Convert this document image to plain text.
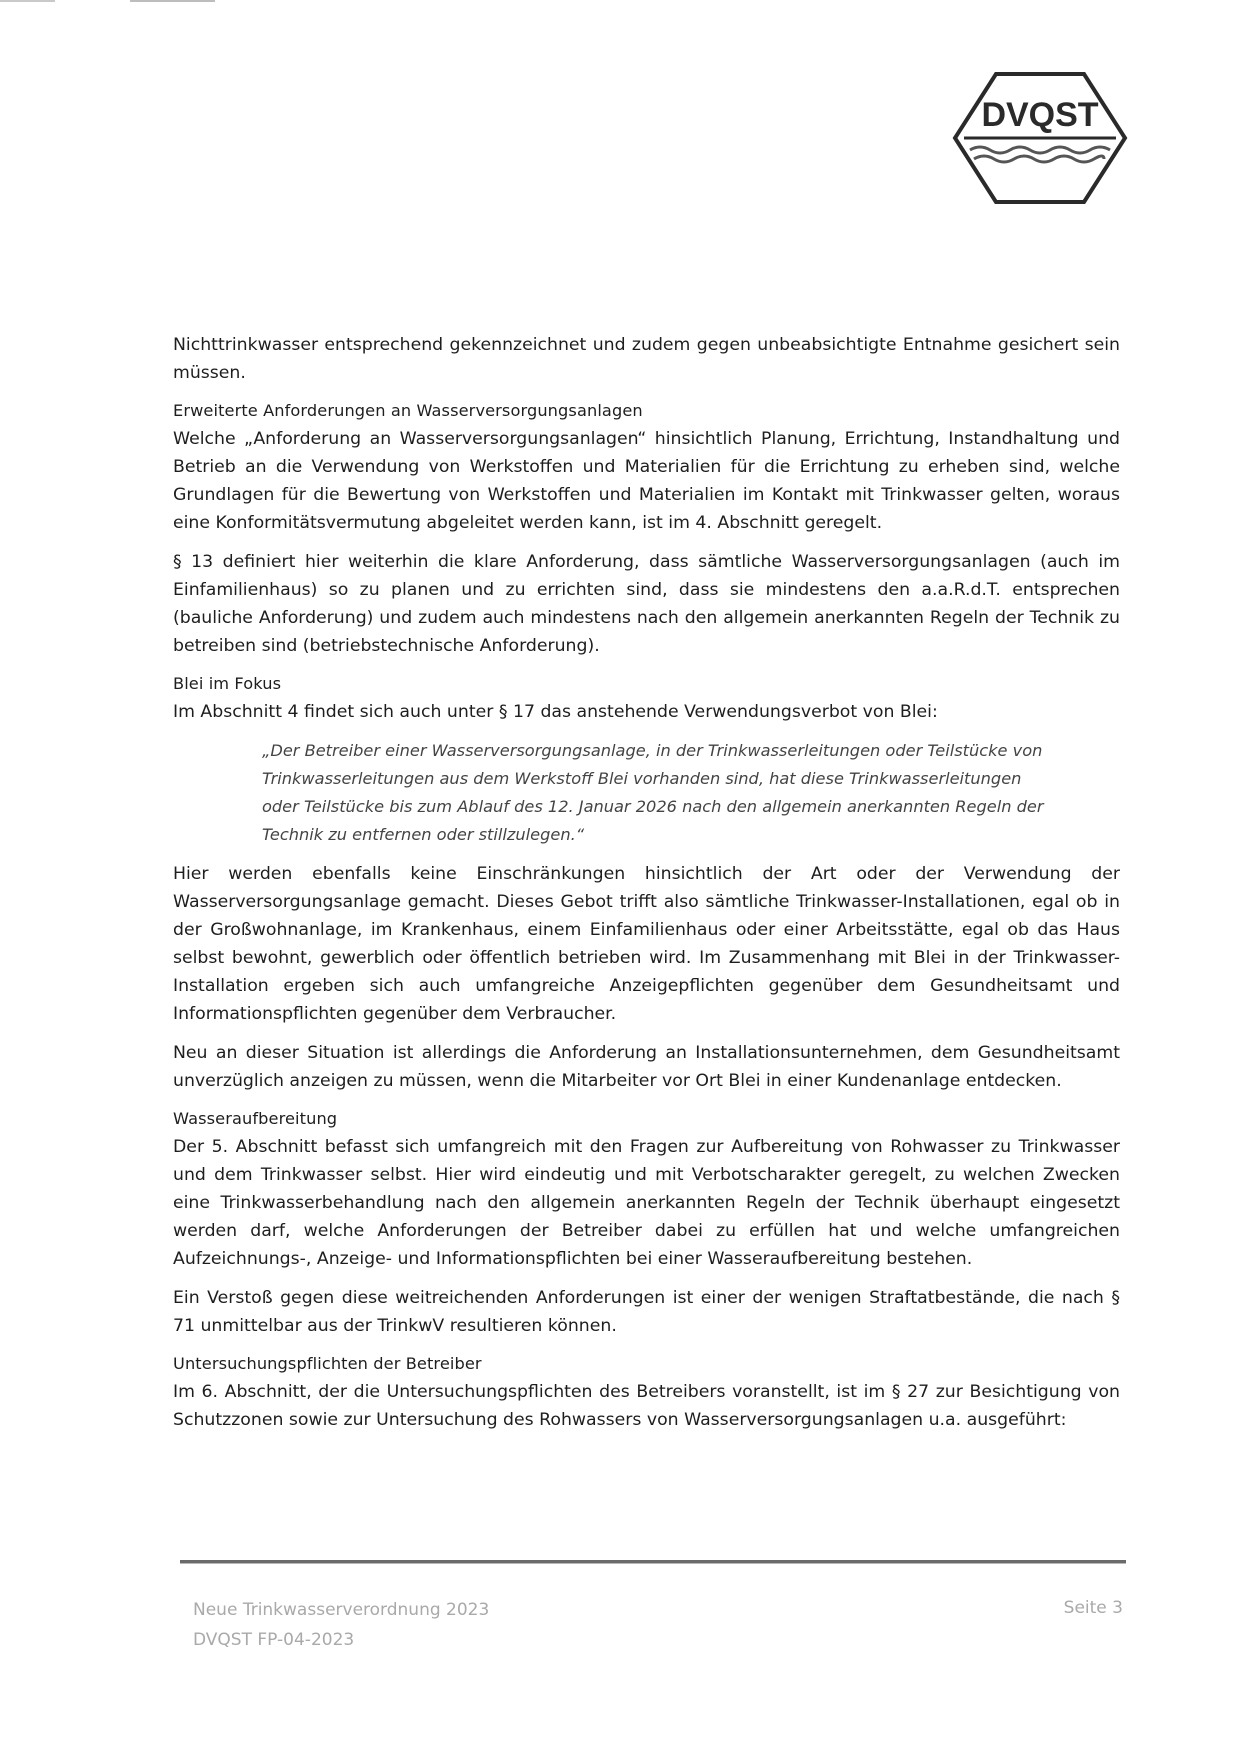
DVQST

Nichttrinkwasser entsprechend gekennzeichnet und zudem gegen unbeabsichtigte Entnahme gesichert sein müssen.

Erweiterte Anforderungen an Wasserversorgungsanlagen

Welche „Anforderung an Wasserversorgungsanlagen“ hinsichtlich Planung, Errichtung, Instandhaltung und Betrieb an die Verwendung von Werkstoffen und Materialien für die Errichtung zu erheben sind, welche Grundlagen für die Bewertung von Werkstoffen und Materialien im Kontakt mit Trinkwasser gelten, woraus eine Konformitätsvermutung abgeleitet werden kann, ist im 4. Abschnitt geregelt.

§ 13 definiert hier weiterhin die klare Anforderung, dass sämtliche Wasserversorgungsanlagen (auch im Einfamilienhaus) so zu planen und zu errichten sind, dass sie mindestens den a.a.R.d.T. entsprechen (bauliche Anforderung) und zudem auch mindestens nach den allgemein anerkannten Regeln der Technik zu betreiben sind (betriebstechnische Anforderung).

Blei im Fokus

Im Abschnitt 4 findet sich auch unter § 17 das anstehende Verwendungsverbot von Blei:

„Der Betreiber einer Wasserversorgungsanlage, in der Trinkwasserleitungen oder Teilstücke von Trinkwasserleitungen aus dem Werkstoff Blei vorhanden sind, hat diese Trinkwasserleitungen oder Teilstücke bis zum Ablauf des 12. Januar 2026 nach den allgemein anerkannten Regeln der Technik zu entfernen oder stillzulegen.“

Hier werden ebenfalls keine Einschränkungen hinsichtlich der Art oder der Verwendung der Wasserversorgungsanlage gemacht. Dieses Gebot trifft also sämtliche Trinkwasser-Installationen, egal ob in der Großwohnanlage, im Krankenhaus, einem Einfamilienhaus oder einer Arbeitsstätte, egal ob das Haus selbst bewohnt, gewerblich oder öffentlich betrieben wird. Im Zusammenhang mit Blei in der Trinkwasser-Installation ergeben sich auch umfangreiche Anzeigepflichten gegenüber dem Gesundheitsamt und Informationspflichten gegenüber dem Verbraucher.

Neu an dieser Situation ist allerdings die Anforderung an Installationsunternehmen, dem Gesundheitsamt unverzüglich anzeigen zu müssen, wenn die Mitarbeiter vor Ort Blei in einer Kundenanlage entdecken.

Wasseraufbereitung

Der 5. Abschnitt befasst sich umfangreich mit den Fragen zur Aufbereitung von Rohwasser zu Trinkwasser und dem Trinkwasser selbst. Hier wird eindeutig und mit Verbotscharakter geregelt, zu welchen Zwecken eine Trinkwasserbehandlung nach den allgemein anerkannten Regeln der Technik überhaupt eingesetzt werden darf, welche Anforderungen der Betreiber dabei zu erfüllen hat und welche umfangreichen Aufzeichnungs-, Anzeige- und Informationspflichten bei einer Wasseraufbereitung bestehen.

Ein Verstoß gegen diese weitreichenden Anforderungen ist einer der wenigen Straftatbestände, die nach § 71 unmittelbar aus der TrinkwV resultieren können.

Untersuchungspflichten der Betreiber

Im 6. Abschnitt, der die Untersuchungspflichten des Betreibers voranstellt, ist im § 27 zur Besichtigung von Schutzzonen sowie zur Untersuchung des Rohwassers von Wasserversorgungsanlagen u.a. ausgeführt:

Neue Trinkwasserverordnung 2023
DVQST FP-04-2023
Seite 3
